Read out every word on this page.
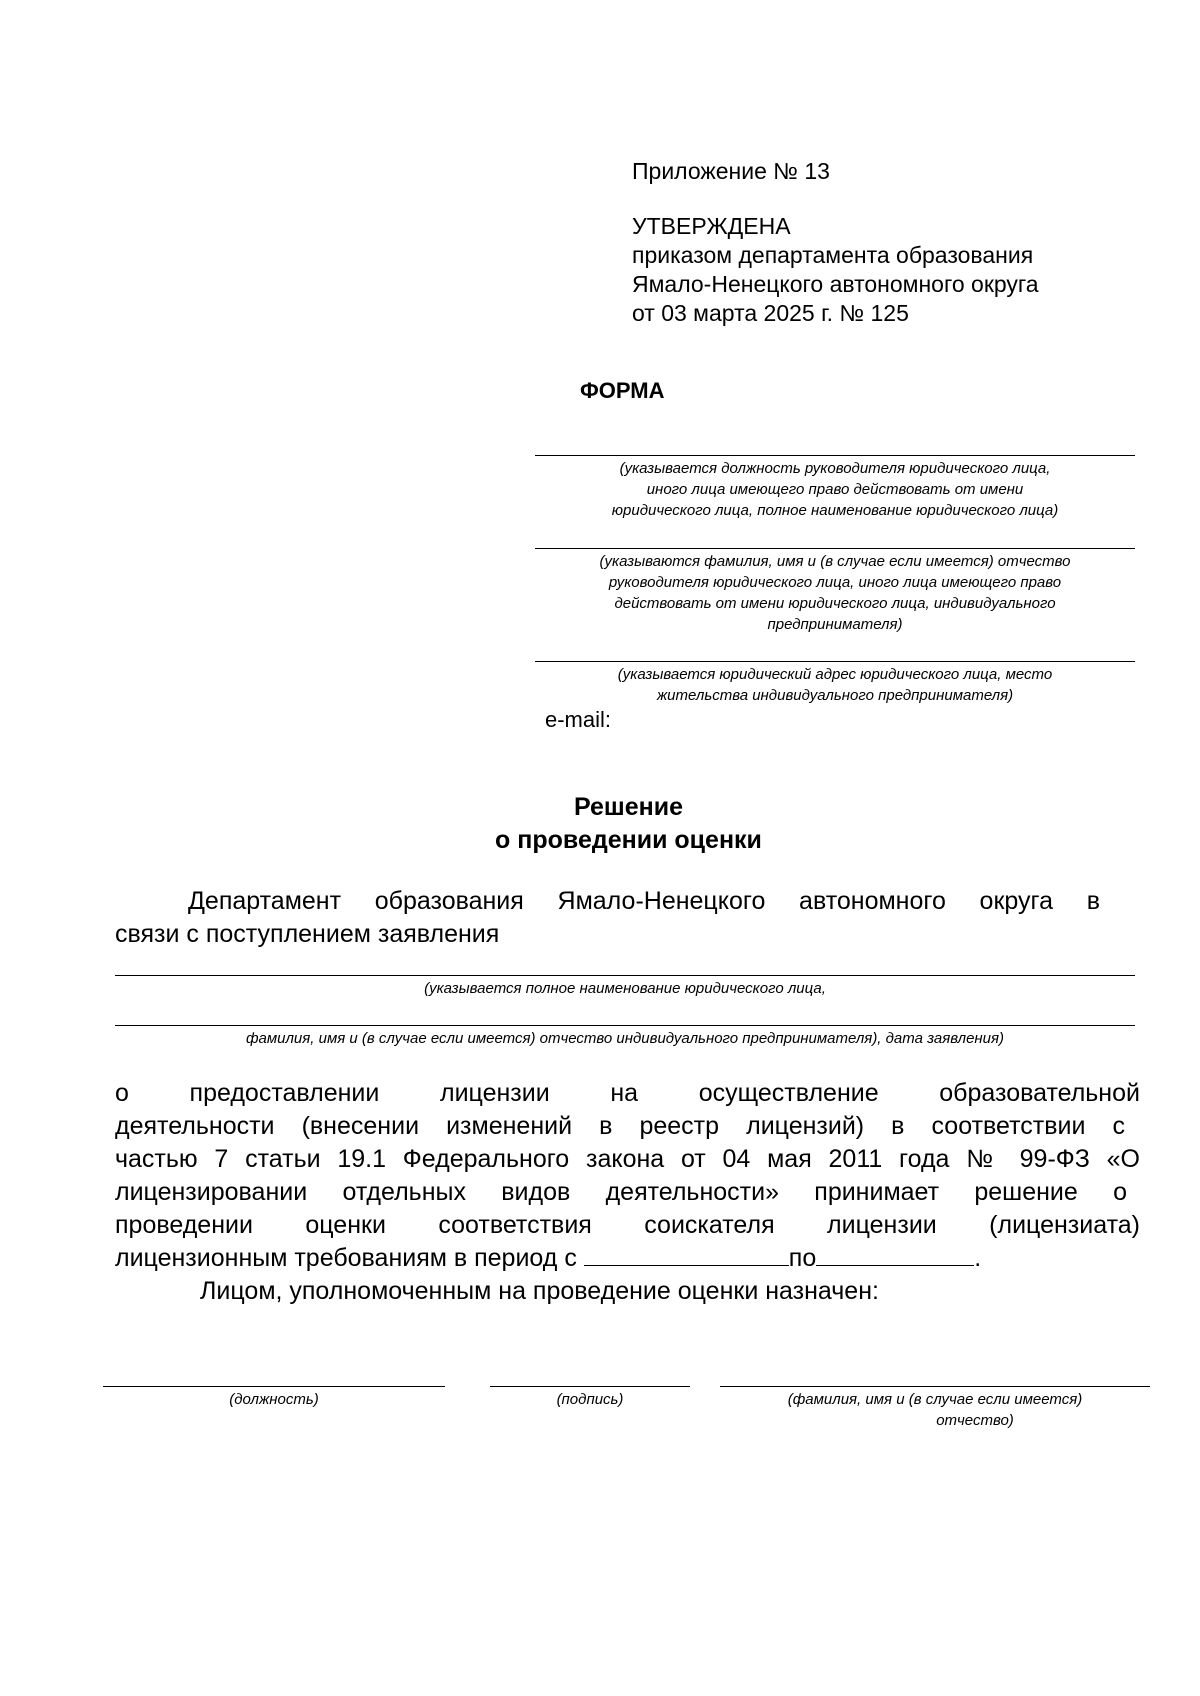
Приложение № 13
УТВЕРЖДЕНА
приказом департамента образования
Ямало-Ненецкого автономного округа
от 03 марта 2025 г. № 125
ФОРМА
(указывается должность руководителя юридического лица,
иного лица имеющего право действовать от имени
юридического лица, полное наименование юридического лица)
(указываются фамилия, имя и (в случае если имеется) отчество
руководителя юридического лица, иного лица имеющего право
действовать от имени юридического лица, индивидуального
предпринимателя)
(указывается юридический адрес юридического лица, место
жительства индивидуального предпринимателя)
e-mail:
Решение
о проведении оценки
Департамент образования Ямало-Ненецкого автономного округа в
связи с поступлением заявления
(указывается полное наименование юридического лица,
фамилия, имя и (в случае если имеется) отчество индивидуального предпринимателя), дата заявления)
о предоставлении лицензии на осуществление образовательной
деятельности (внесении изменений в реестр лицензий) в соответствии с
частью 7 статьи 19.1 Федерального закона от 04 мая 2011 года № 99-ФЗ «О
лицензировании отдельных видов деятельности» принимает решение о
проведении оценки соответствия соискателя лицензии (лицензиата)
лицензионным требованиям в период с	по	.
Лицом, уполномоченным на проведение оценки назначен:
(должность)	(подпись)	(фамилия, имя и (в случае если имеется)
отчество)
